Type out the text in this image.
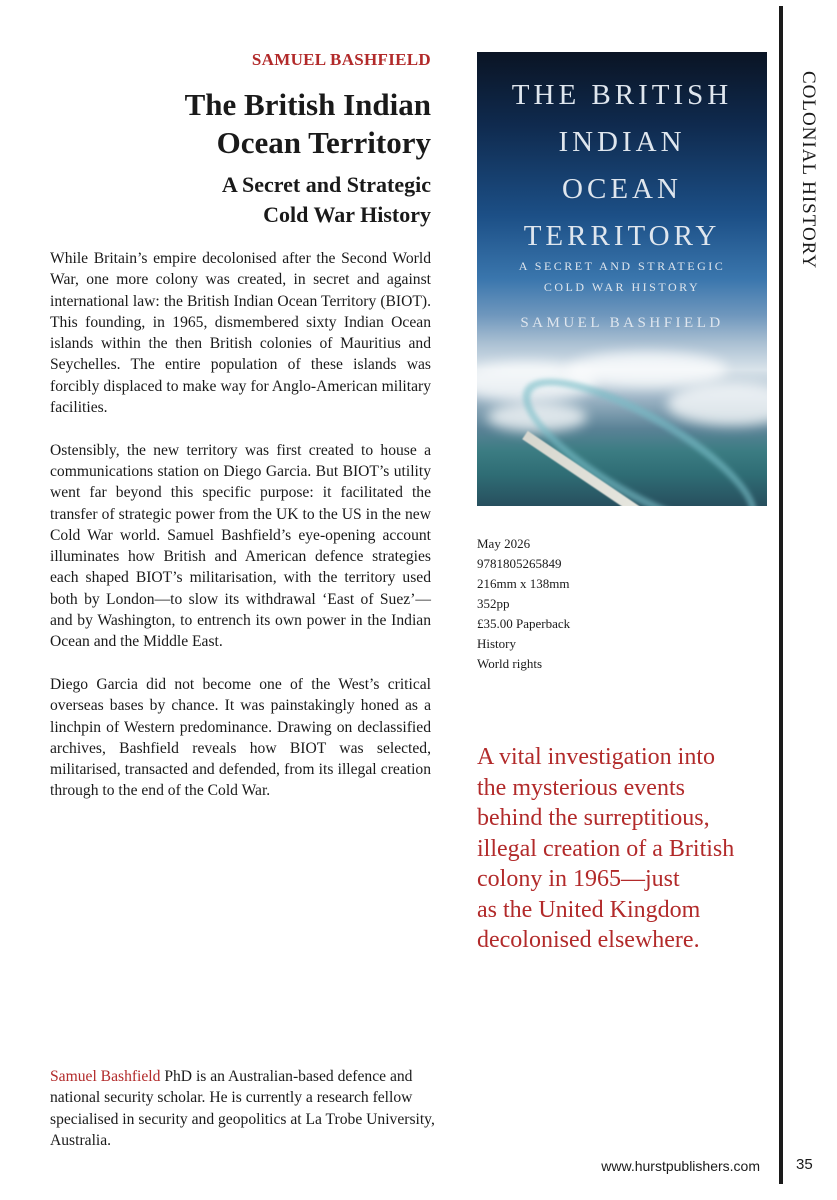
COLONIAL HISTORY
SAMUEL BASHFIELD
The British Indian
Ocean Territory
A Secret and Strategic
Cold War History

While Britain’s empire decolonised after the Second World War, one more colony was created, in secret and against international law: the British Indian Ocean Territory (BIOT). This founding, in 1965, dismembered sixty Indian Ocean islands within the then British colonies of Mauritius and Seychelles. The entire population of these islands was forcibly displaced to make way for Anglo-American military facilities.

Ostensibly, the new territory was first created to house a communications station on Diego Garcia. But BIOT’s utility went far beyond this specific purpose: it facilitated the transfer of strategic power from the UK to the US in the new Cold War world. Samuel Bashfield’s eye-opening account illuminates how British and American defence strategies each shaped BIOT’s militarisation, with the territory used both by London—to slow its withdrawal ‘East of Suez’—and by Washington, to entrench its own power in the Indian Ocean and the Middle East.

Diego Garcia did not become one of the West’s critical overseas bases by chance. It was painstakingly honed as a linchpin of Western predominance. Drawing on declassified archives, Bashfield reveals how BIOT was selected, militarised, transacted and defended, from its illegal creation through to the end of the Cold War.

THE BRITISH
INDIAN
OCEAN
TERRITORY
A SECRET AND STRATEGIC
COLD WAR HISTORY
SAMUEL BASHFIELD
May 2026
9781805265849
216mm x 138mm
352pp
£35.00 Paperback
History
World rights
A vital investigation into
the mysterious events
behind the surreptitious,
illegal creation of a British
colony in 1965—just
as the United Kingdom
decolonised elsewhere.
Samuel Bashfield PhD is an Australian-based defence and national security scholar. He is currently a research fellow specialised in security and geopolitics at La Trobe University, Australia.
www.hurstpublishers.com 35
